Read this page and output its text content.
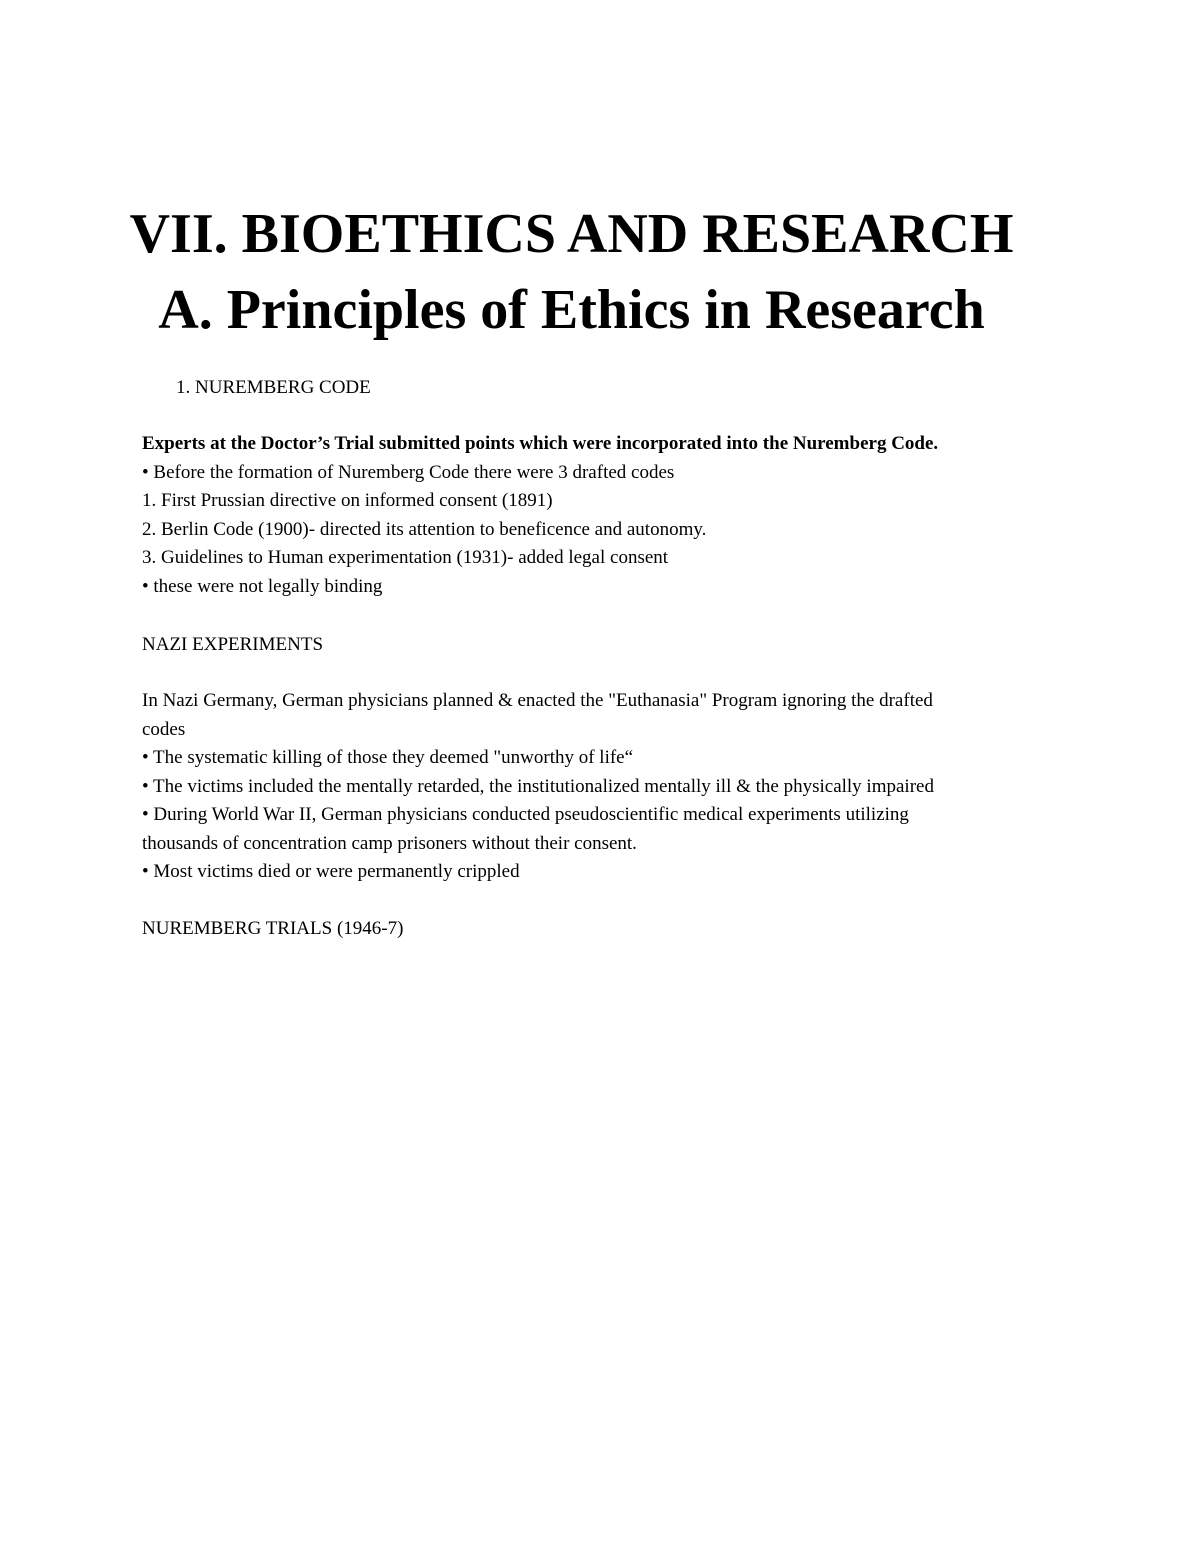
VII. BIOETHICS AND RESEARCH
A. Principles of Ethics in Research

1. NUREMBERG CODE

Experts at the Doctor’s Trial submitted points which were incorporated into the Nuremberg Code.

• Before the formation of Nuremberg Code there were 3 drafted codes

1. First Prussian directive on informed consent (1891)

2. Berlin Code (1900)- directed its attention to beneficence and autonomy.

3. Guidelines to Human experimentation (1931)- added legal consent

• these were not legally binding

NAZI EXPERIMENTS

In Nazi Germany, German physicians planned & enacted the "Euthanasia" Program ignoring the drafted

codes

• The systematic killing of those they deemed "unworthy of life“

• The victims included the mentally retarded, the institutionalized mentally ill & the physically impaired

• During World War II, German physicians conducted pseudoscientific medical experiments utilizing

thousands of concentration camp prisoners without their consent.

• Most victims died or were permanently crippled

NUREMBERG TRIALS (1946-7)
